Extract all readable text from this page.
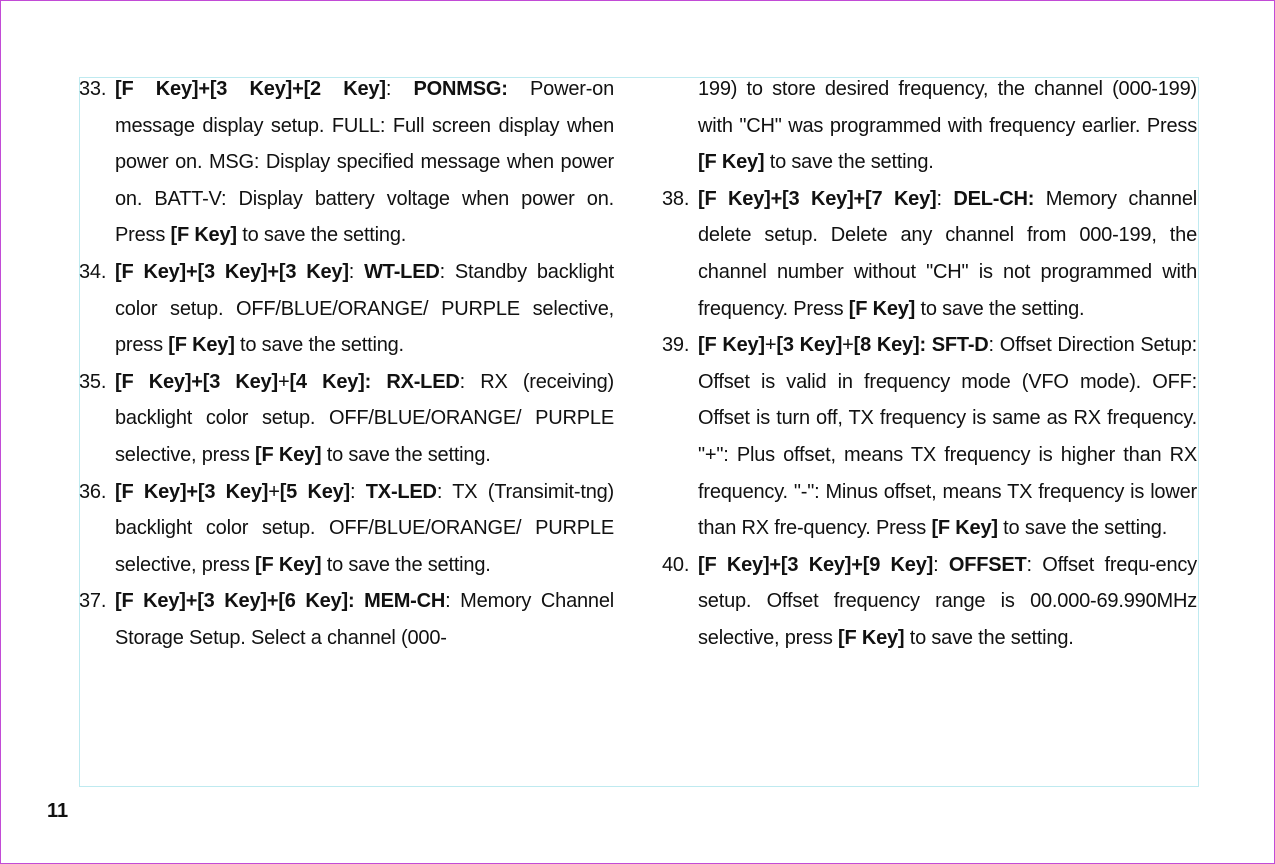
33. [F Key]+[3 Key]+[2 Key]: PONMSG: Power-on message display setup. FULL: Full screen display when power on. MSG: Display specified message when power on. BATT-V: Display battery voltage when power on. Press [F Key] to save the setting.
34. [F Key]+[3 Key]+[3 Key]: WT-LED: Standby backlight color setup. OFF/BLUE/ORANGE/ PURPLE selective, press [F Key] to save the setting.
35. [F Key]+[3 Key]+[4 Key]: RX-LED: RX (receiving) backlight color setup. OFF/BLUE/ORANGE/ PURPLE selective, press [F Key] to save the setting.
36. [F Key]+[3 Key]+[5 Key]: TX-LED: TX (Transimit-tng) backlight color setup. OFF/BLUE/ORANGE/ PURPLE selective, press [F Key] to save the setting.
37. [F Key]+[3 Key]+[6 Key]: MEM-CH: Memory Channel Storage Setup. Select a channel (000-
199) to store desired frequency, the channel (000-199) with "CH" was programmed with frequency earlier. Press [F Key] to save the setting.
38. [F Key]+[3 Key]+[7 Key]: DEL-CH: Memory channel delete setup. Delete any channel from 000-199, the channel number without "CH" is not programmed with frequency. Press [F Key] to save the setting.
39. [F Key]+[3 Key]+[8 Key]: SFT-D: Offset Direction Setup: Offset is valid in frequency mode (VFO mode). OFF: Offset is turn off, TX frequency is same as RX frequency. "+": Plus offset, means TX frequency is higher than RX frequency. "-": Minus offset, means TX frequency is lower than RX fre-quency. Press [F Key] to save the setting.
40. [F Key]+[3 Key]+[9 Key]: OFFSET: Offset frequ-ency setup. Offset frequency range is 00.000-69.990MHz selective, press [F Key] to save the setting.
11
